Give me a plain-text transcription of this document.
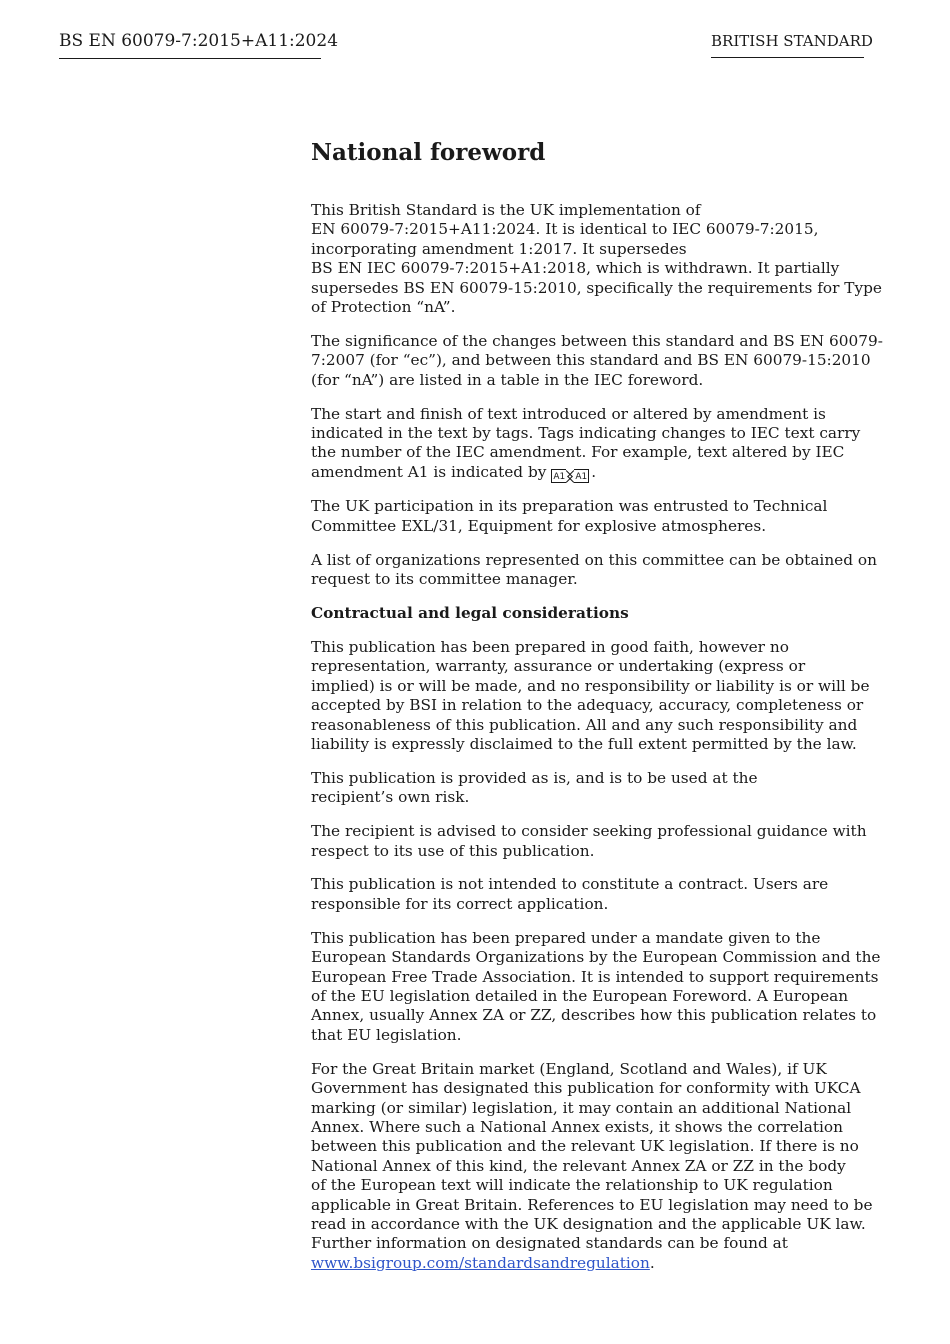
BS EN 60079-7:2015+A11:2024	BRITISH STANDARD
National foreword

This British Standard is the UK implementation of
EN 60079-7:2015+A11:2024. It is identical to IEC 60079-7:2015,
incorporating amendment 1:2017. It supersedes
BS EN IEC 60079-7:2015+A1:2018, which is withdrawn. It partially
supersedes BS EN 60079-15:2010, specifically the requirements for Type
of Protection “nA”.

The significance of the changes between this standard and BS EN 60079-
7:2007 (for “ec”), and between this standard and BS EN 60079-15:2010
(for “nA”) are listed in a table in the IEC foreword.

The start and finish of text introduced or altered by amendment is
indicated in the text by tags. Tags indicating changes to IEC text carry
the number of the IEC amendment. For example, text altered by IEC
amendment A1 is indicated by A1 A1 .

The UK participation in its preparation was entrusted to Technical
Committee EXL/31, Equipment for explosive atmospheres.

A list of organizations represented on this committee can be obtained on
request to its committee manager.

Contractual and legal considerations

This publication has been prepared in good faith, however no
representation, warranty, assurance or undertaking (express or
implied) is or will be made, and no responsibility or liability is or will be
accepted by BSI in relation to the adequacy, accuracy, completeness or
reasonableness of this publication. All and any such responsibility and
liability is expressly disclaimed to the full extent permitted by the law.

This publication is provided as is, and is to be used at the
recipient’s own risk.

The recipient is advised to consider seeking professional guidance with
respect to its use of this publication.

This publication is not intended to constitute a contract. Users are
responsible for its correct application.

This publication has been prepared under a mandate given to the
European Standards Organizations by the European Commission and the
European Free Trade Association. It is intended to support requirements
of the EU legislation detailed in the European Foreword. A European
Annex, usually Annex ZA or ZZ, describes how this publication relates to
that EU legislation.

For the Great Britain market (England, Scotland and Wales), if UK
Government has designated this publication for conformity with UKCA
marking (or similar) legislation, it may contain an additional National
Annex. Where such a National Annex exists, it shows the correlation
between this publication and the relevant UK legislation. If there is no
National Annex of this kind, the relevant Annex ZA or ZZ in the body
of the European text will indicate the relationship to UK regulation
applicable in Great Britain. References to EU legislation may need to be
read in accordance with the UK designation and the applicable UK law.
Further information on designated standards can be found at
www.bsigroup.com/standardsandregulation.
